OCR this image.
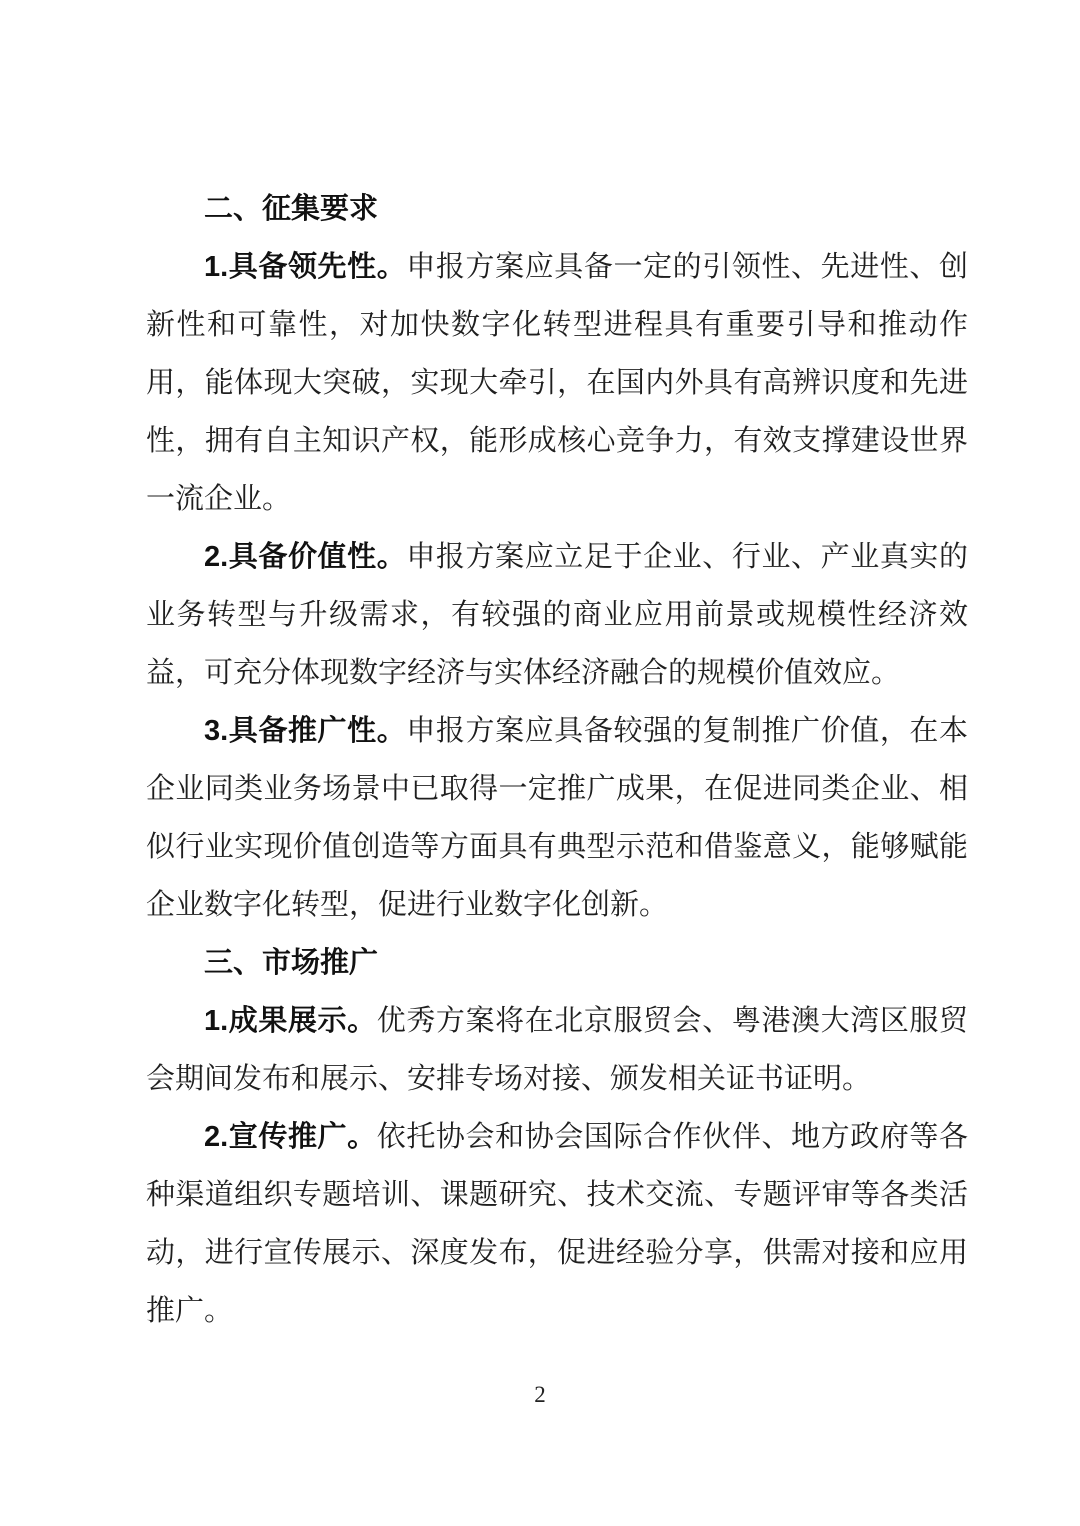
二、征集要求

1.具备领先性。申报方案应具备一定的引领性、先进性、创新性和可靠性，对加快数字化转型进程具有重要引导和推动作用，能体现大突破，实现大牵引，在国内外具有高辨识度和先进性，拥有自主知识产权，能形成核心竞争力，有效支撑建设世界一流企业。

2.具备价值性。申报方案应立足于企业、行业、产业真实的业务转型与升级需求，有较强的商业应用前景或规模性经济效益，可充分体现数字经济与实体经济融合的规模价值效应。

3.具备推广性。申报方案应具备较强的复制推广价值，在本企业同类业务场景中已取得一定推广成果，在促进同类企业、相似行业实现价值创造等方面具有典型示范和借鉴意义，能够赋能企业数字化转型，促进行业数字化创新。

三、市场推广

1.成果展示。优秀方案将在北京服贸会、粤港澳大湾区服贸会期间发布和展示、安排专场对接、颁发相关证书证明。

2.宣传推广。依托协会和协会国际合作伙伴、地方政府等各种渠道组织专题培训、课题研究、技术交流、专题评审等各类活动，进行宣传展示、深度发布，促进经验分享，供需对接和应用推广。

2
